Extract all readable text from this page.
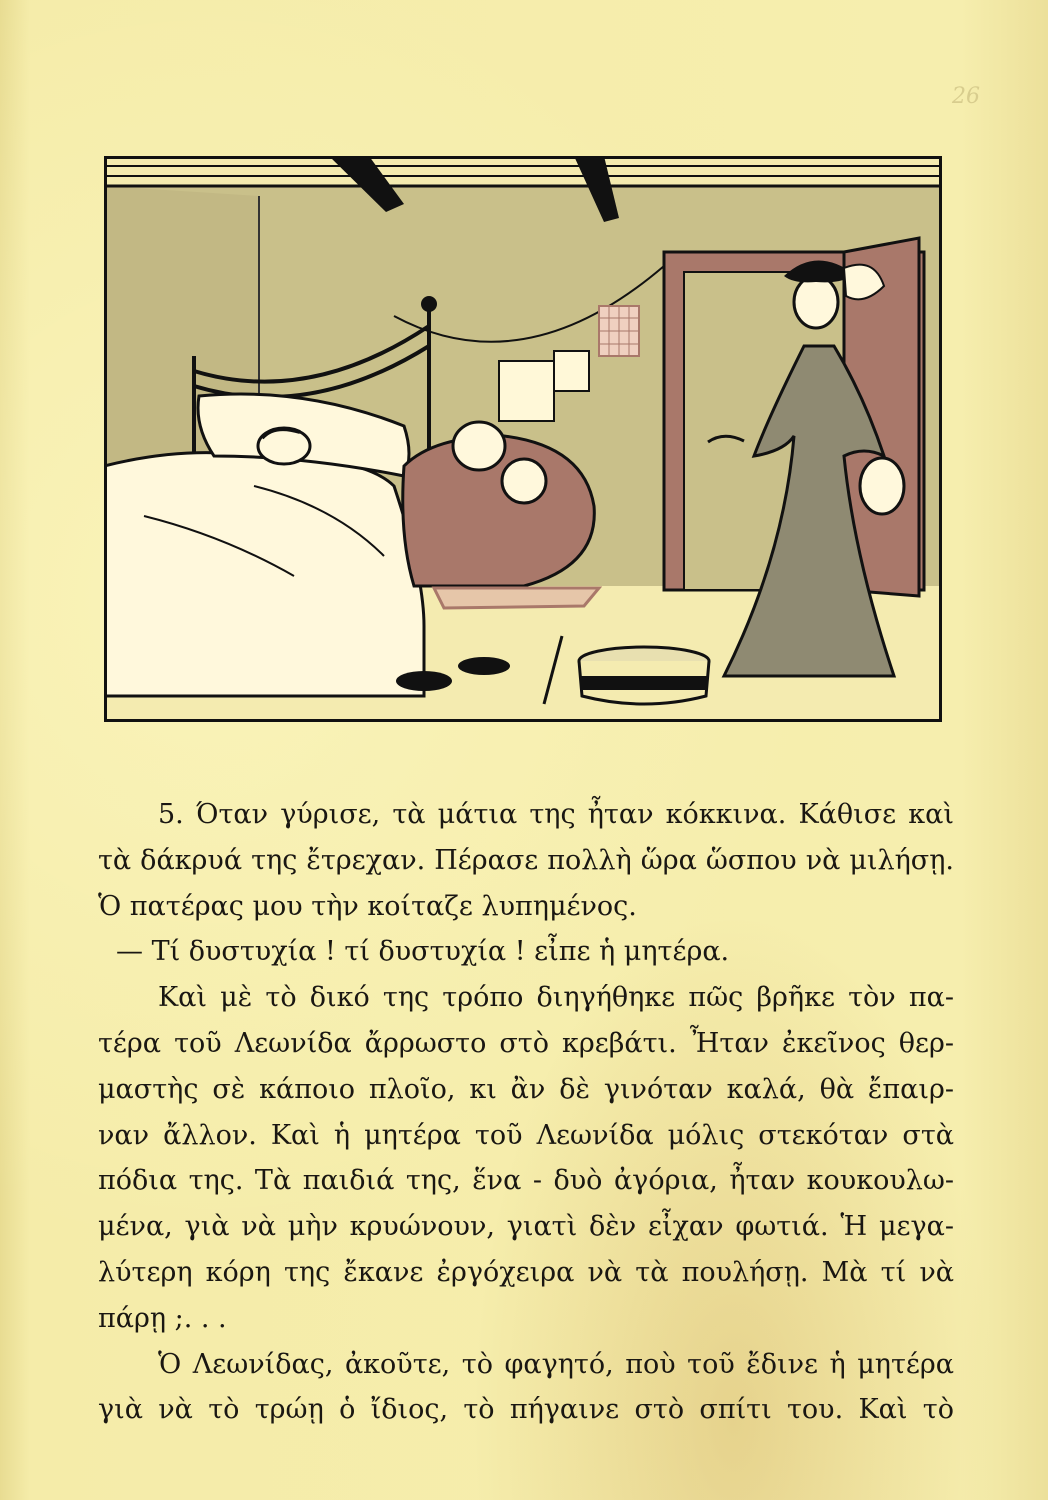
26
5. Όταν γύρισε, τὰ μάτια της ἦταν κόκκινα. Κάθισε καὶ
τὰ δάκρυά της ἔτρεχαν. Πέρασε πολλὴ ὥρα ὥσπου νὰ μιλήσῃ.
Ὁ πατέρας μου τὴν κοίταζε λυπημένος.
— Τί δυστυχία ! τί δυστυχία ! εἶπε ἡ μητέρα.
Καὶ μὲ τὸ δικό της τρόπο διηγήθηκε πῶς βρῆκε τὸν πα-
τέρα τοῦ Λεωνίδα ἄρρωστο στὸ κρεβάτι. Ἦταν ἐκεῖνος θερ-
μαστὴς σὲ κάποιο πλοῖο, κι ἂν δὲ γινόταν καλά, θὰ ἔπαιρ-
ναν ἄλλον. Καὶ ἡ μητέρα τοῦ Λεωνίδα μόλις στεκόταν στὰ
πόδια της. Τὰ παιδιά της, ἕνα - δυὸ ἀγόρια, ἦταν κουκουλω-
μένα, γιὰ νὰ μὴν κρυώνουν, γιατὶ δὲν εἶχαν φωτιά. Ἡ μεγα-
λύτερη κόρη της ἔκανε ἐργόχειρα νὰ τὰ πουλήσῃ. Μὰ τί νὰ
πάρῃ ;. . .
Ὁ Λεωνίδας, ἀκοῦτε, τὸ φαγητό, ποὺ τοῦ ἔδινε ἡ μητέρα
γιὰ νὰ τὸ τρώῃ ὁ ἴδιος, τὸ πήγαινε στὸ σπίτι του. Καὶ τὸ
